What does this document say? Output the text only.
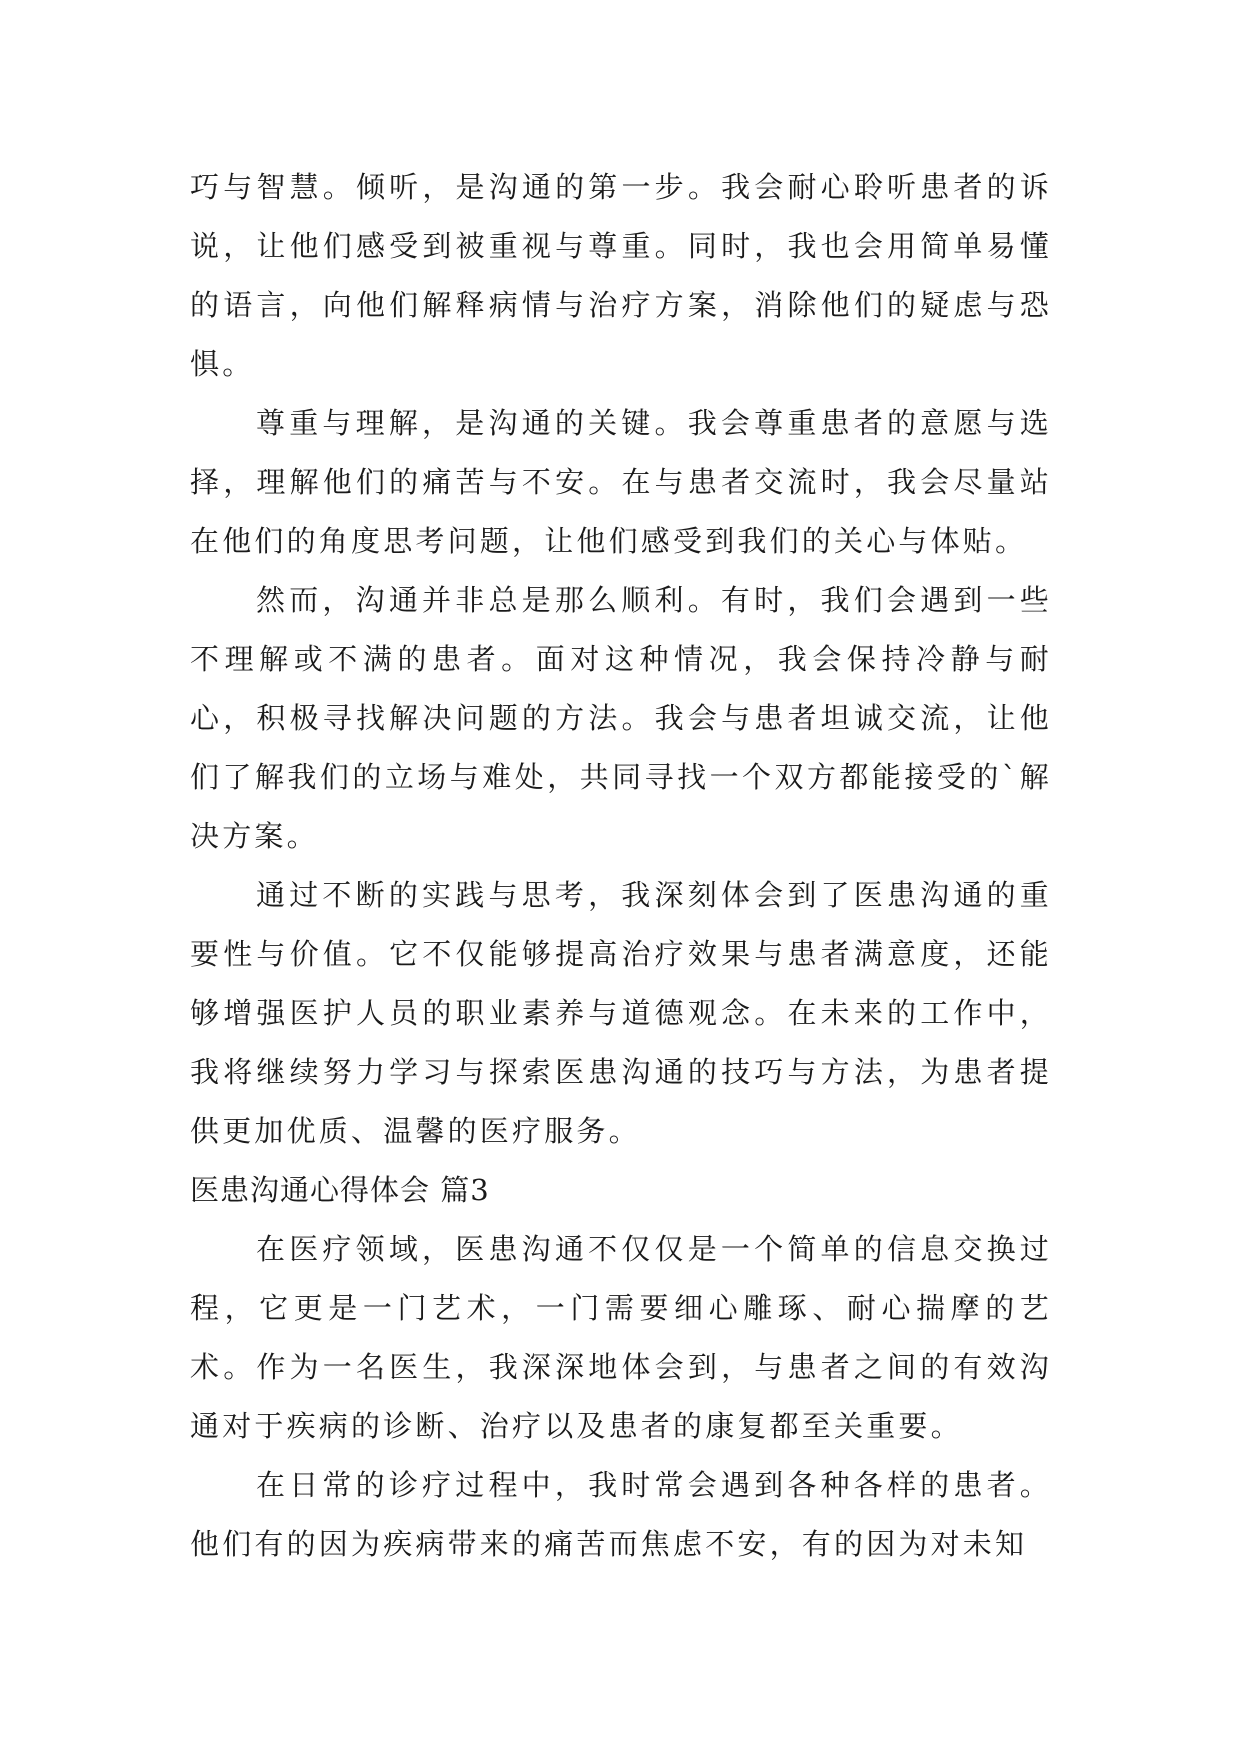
巧与智慧。倾听，是沟通的第一步。我会耐心聆听患者的诉说，让他们感受到被重视与尊重。同时，我也会用简单易懂的语言，向他们解释病情与治疗方案，消除他们的疑虑与恐惧。

尊重与理解，是沟通的关键。我会尊重患者的意愿与选择，理解他们的痛苦与不安。在与患者交流时，我会尽量站在他们的角度思考问题，让他们感受到我们的关心与体贴。

然而，沟通并非总是那么顺利。有时，我们会遇到一些不理解或不满的患者。面对这种情况，我会保持冷静与耐心，积极寻找解决问题的方法。我会与患者坦诚交流，让他们了解我们的立场与难处，共同寻找一个双方都能接受的`解决方案。

通过不断的实践与思考，我深刻体会到了医患沟通的重要性与价值。它不仅能够提高治疗效果与患者满意度，还能够增强医护人员的职业素养与道德观念。在未来的工作中，我将继续努力学习与探索医患沟通的技巧与方法，为患者提供更加优质、温馨的医疗服务。

医患沟通心得体会 篇3

在医疗领域，医患沟通不仅仅是一个简单的信息交换过程，它更是一门艺术，一门需要细心雕琢、耐心揣摩的艺术。作为一名医生，我深深地体会到，与患者之间的有效沟通对于疾病的诊断、治疗以及患者的康复都至关重要。

在日常的诊疗过程中，我时常会遇到各种各样的患者。他们有的因为疾病带来的痛苦而焦虑不安，有的因为对未知
